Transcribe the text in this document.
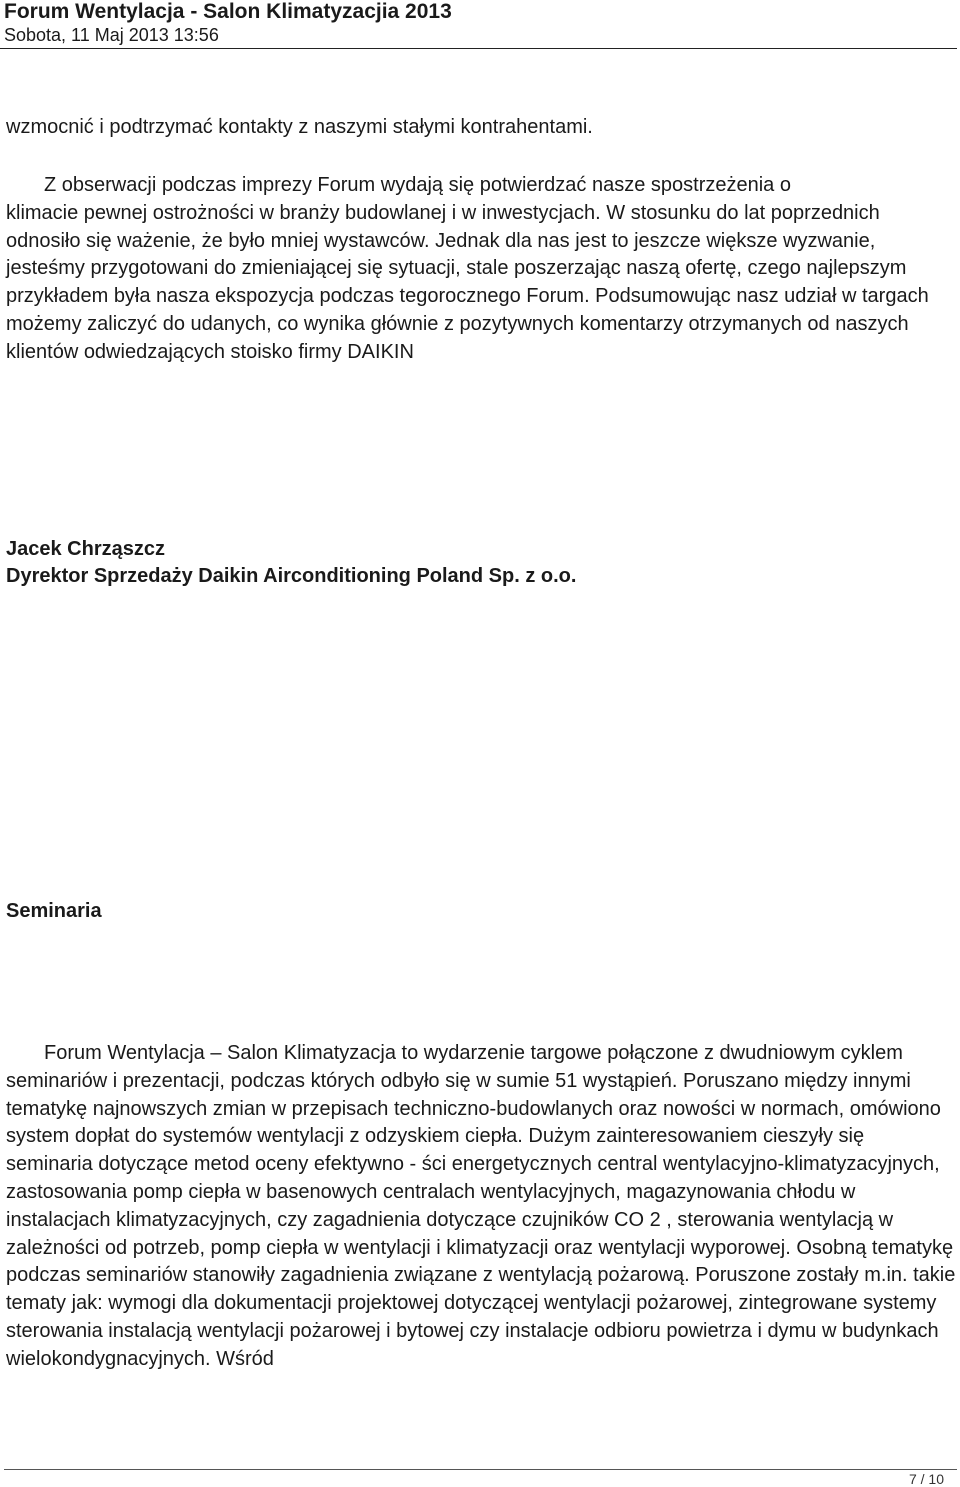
Forum Wentylacja - Salon Klimatyzacjia 2013

Sobota, 11 Maj 2013 13:56

wzmocnić i podtrzymać kontakty z naszymi stałymi kontrahentami.

Z obserwacji podczas imprezy Forum wydają się potwierdzać nasze spostrzeżenia o
klimacie pewnej ostrożności w branży budowlanej i w inwestycjach. W stosunku do lat poprzednich odnosiło się ważenie, że było mniej wystawców. Jednak dla nas jest to jeszcze większe wyzwanie, jesteśmy przygotowani do zmieniającej się sytuacji, stale poszerzając naszą ofertę, czego najlepszym przykładem była nasza ekspozycja podczas tegorocznego Forum. Podsumowując nasz udział w targach możemy zaliczyć do udanych, co wynika głównie z pozytywnych komentarzy otrzymanych od naszych klientów odwiedzających stoisko firmy DAIKIN

Jacek Chrząszcz

Dyrektor Sprzedaży Daikin Airconditioning Poland Sp. z o.o.

Seminaria

Forum Wentylacja – Salon Klimatyzacja to wydarzenie targowe połączone z dwudniowym cyklem seminariów i prezentacji, podczas których odbyło się w sumie 51 wystąpień. Poruszano między innymi tematykę najnowszych zmian w przepisach techniczno-budowlanych oraz nowości w normach, omówiono system dopłat do systemów wentylacji z odzyskiem ciepła. Dużym zainteresowaniem cieszyły się seminaria dotyczące metod oceny efektywno - ści energetycznych central wentylacyjno-klimatyzacyjnych, zastosowania pomp ciepła w basenowych centralach wentylacyjnych, magazynowania chłodu w instalacjach klimatyzacyjnych, czy zagadnienia dotyczące czujników CO 2 , sterowania wentylacją w zależności od potrzeb, pomp ciepła w wentylacji i klimatyzacji oraz wentylacji wyporowej. Osobną tematykę podczas seminariów stanowiły zagadnienia związane z wentylacją pożarową. Poruszone zostały m.in. takie tematy jak: wymogi dla dokumentacji projektowej dotyczącej wentylacji pożarowej, zintegrowane systemy sterowania instalacją wentylacji pożarowej i bytowej czy instalacje odbioru powietrza i dymu w budynkach wielokondygnacyjnych. Wśród

7 / 10
